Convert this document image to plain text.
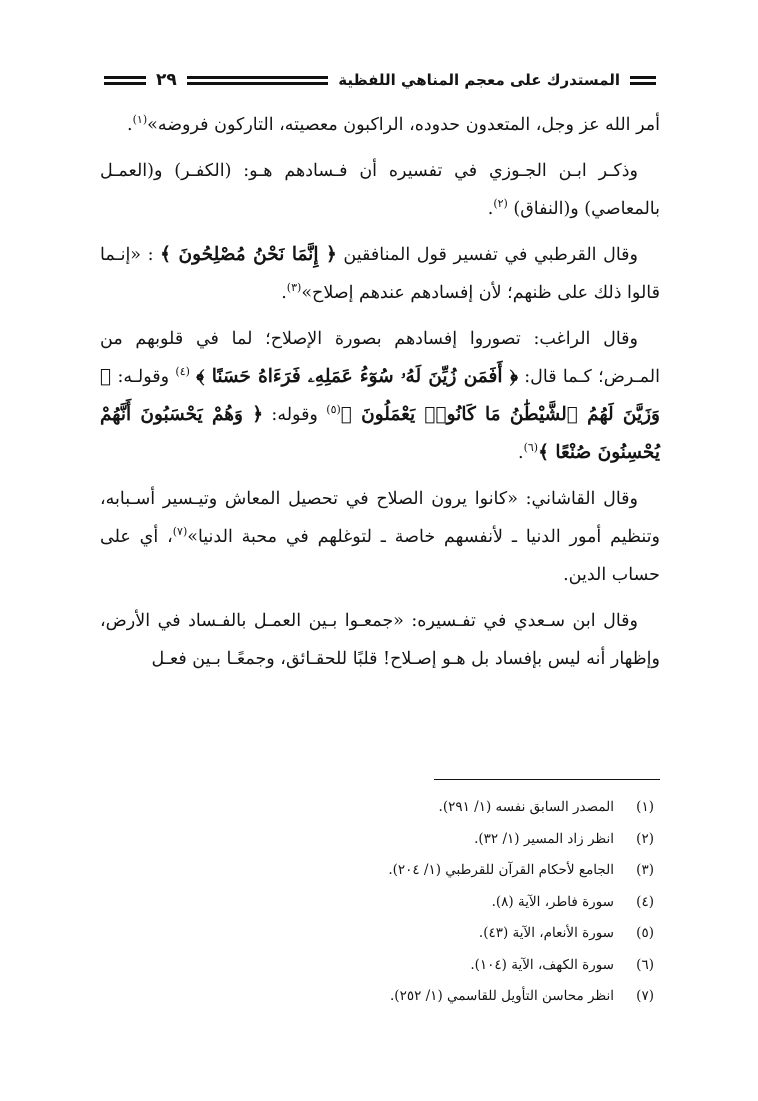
المستدرك على معجم المناهي اللفظية
٢٩

أمر الله عز وجل، المتعدون حدوده، الراكبون معصيته، التاركون فروضه»$^{(١)}$.

وذكـر ابـن الجـوزي في تفسيره أن فـسادهم هـو: (الكفـر) و(العمـل بالمعاصي) و(النفاق) $^{(٢)}$.

وقال القرطبي في تفسير قول المنافقين ﴿ إِنَّمَا نَحْنُ مُصْلِحُونَ ﴾ : «إنـما قالوا ذلك على ظنهم؛ لأن إفسادهم عندهم إصلاح»$^{(٣)}$.

وقال الراغب: تصوروا إفسادهم بصورة الإصلاح؛ لما في قلوبهم من المـرض؛ كـما قال: ﴿ أَفَمَن زُيِّنَ لَهُۥ سُوٓءُ عَمَلِهِۦ فَرَءَاهُ حَسَنًا ﴾ $^{(٤)}$ وقولـه: ﴿ وَزَيَّنَ لَهُمُ ٱلشَّيْطَٰنُ مَا كَانُوا۟ يَعْمَلُونَ ﴾$^{(٥)}$ وقوله: ﴿ وَهُمْ يَحْسَبُونَ أَنَّهُمْ يُحْسِنُونَ صُنْعًا ﴾$^{(٦)}$.

وقال القاشاني: «كانوا يرون الصلاح في تحصيل المعاش وتيـسير أسـبابه، وتنظيم أمور الدنيا ـ لأنفسهم خاصة ـ لتوغلهم في محبة الدنيا»$^{(٧)}$، أي على حساب الدين.

وقال ابن سـعدي في تفـسيره: «جمعـوا بـين العمـل بالفـساد في الأرض، وإظهار أنه ليس بإفساد بل هـو إصـلاح! قلبًا للحقـائق، وجمعًـا بـين فعـل

(١)
المصدر السابق نفسه (١/ ٢٩١).
(٢)
انظر زاد المسير (١/ ٣٢).
(٣)
الجامع لأحكام القرآن للقرطبي (١/ ٢٠٤).
(٤)
سورة فاطر، الآية (٨).
(٥)
سورة الأنعام، الآية (٤٣).
(٦)
سورة الكهف، الآية (١٠٤).
(٧)
انظر محاسن التأويل للقاسمي (١/ ٢٥٢).
